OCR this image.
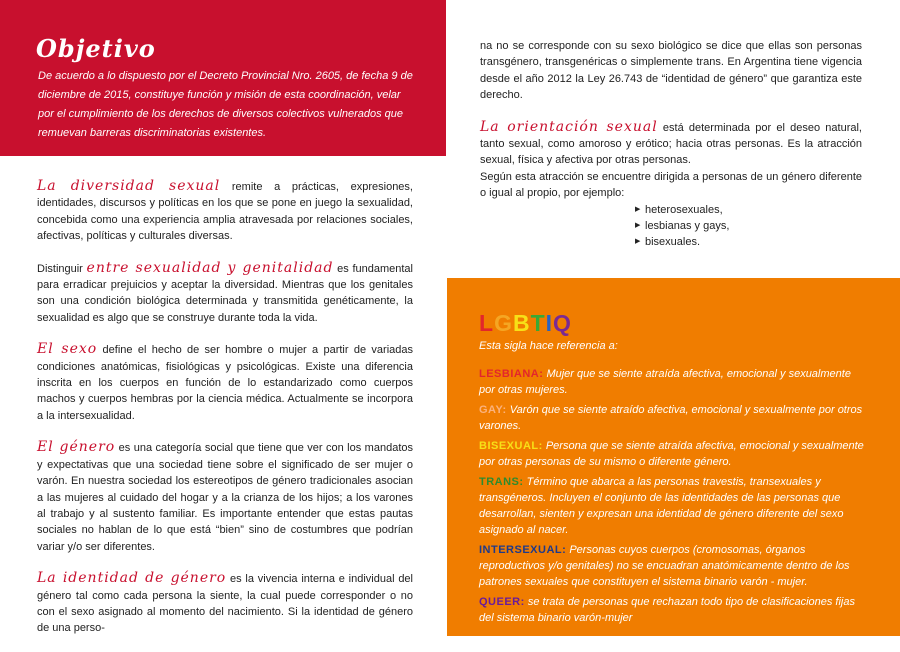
Objetivo
De acuerdo a lo dispuesto por el Decreto Provincial Nro. 2605, de fecha 9 de diciembre de 2015, constituye función y misión de esta coordinación, velar por el cumplimiento de los derechos de diversos colectivos vulnerados que remuevan barreras discriminatorias existentes.

La diversidad sexual remite a prácticas, expresiones, identidades, discursos y políticas en los que se pone en juego la sexualidad, concebida como una experiencia amplia atravesada por relaciones sociales, afectivas, políticas y culturales diversas.

Distinguir entre sexualidad y genitalidad es fundamental para erradicar prejuicios y aceptar la diversidad. Mientras que los genitales son una condición biológica determinada y transmitida genéticamente, la sexualidad es algo que se construye durante toda la vida.

El sexo define el hecho de ser hombre o mujer a partir de variadas condiciones anatómicas, fisiológicas y psicológicas. Existe una diferencia inscrita en los cuerpos en función de lo estandarizado como cuerpos machos y cuerpos hembras por la ciencia médica. Actualmente se incorpora a la intersexualidad.

El género es una categoría social que tiene que ver con los mandatos y expectativas que una sociedad tiene sobre el significado de ser mujer o varón. En nuestra sociedad los estereotipos de género tradicionales asocian a las mujeres al cuidado del hogar y a la crianza de los hijos; a los varones al trabajo y al sustento familiar. Es importante entender que estas pautas sociales no hablan de lo que está “bien” sino de costumbres que podrían variar y/o ser diferentes.

La identidad de género es la vivencia interna e individual del género tal como cada persona la siente, la cual puede corresponder o no con el sexo asignado al momento del nacimiento. Si la identidad de género de una perso-

na no se corresponde con su sexo biológico se dice que ellas son personas transgénero, transgenéricas o simplemente trans. En Argentina tiene vigencia desde el año 2012 la Ley 26.743 de “identidad de género” que garantiza este derecho.

La orientación sexual está determinada por el deseo natural, tanto sexual, como amoroso y erótico; hacia otras personas. Es la atracción sexual, física y afectiva por otras personas.

Según esta atracción se encuentre dirigida a personas de un género diferente o igual al propio, por ejemplo:

▶ heterosexuales,
▶ lesbianas y gays,
▶ bisexuales.
LGBTIQ
Esta sigla hace referencia a:
LESBIANA: Mujer que se siente atraída afectiva, emocional y sexualmente por otras mujeres.
GAY: Varón que se siente atraído afectiva, emocional y sexualmente por otros varones.
BISEXUAL: Persona que se siente atraída afectiva, emocional y sexualmente por otras personas de su mismo o diferente género.
TRANS: Término que abarca a las personas travestis, transexuales y transgéneros. Incluyen el conjunto de las identidades de las personas que desarrollan, sienten y expresan una identidad de género diferente del sexo asignado al nacer.
INTERSEXUAL: Personas cuyos cuerpos (cromosomas, órganos reproductivos y/o genitales) no se encuadran anatómicamente dentro de los patrones sexuales que constituyen el sistema binario varón - mujer.
QUEER: se trata de personas que rechazan todo tipo de clasificaciones fijas del sistema binario varón-mujer
